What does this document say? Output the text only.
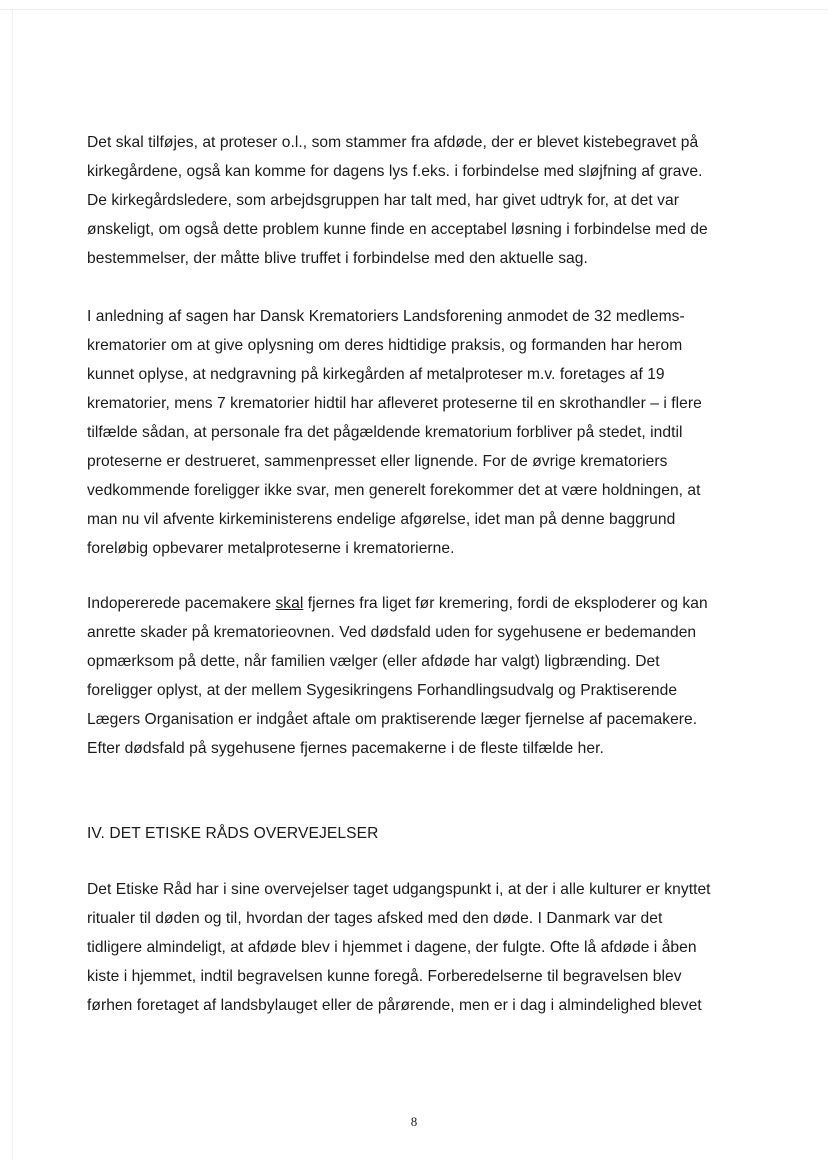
Det skal tilføjes, at proteser o.l., som stammer fra afdøde, der er blevet kistebegravet på
kirkegårdene, også kan komme for dagens lys f.eks. i forbindelse med sløjfning af grave.
De kirkegårdsledere, som arbejdsgruppen har talt med, har givet udtryk for, at det var
ønskeligt, om også dette problem kunne finde en acceptabel løsning i forbindelse med de
bestemmelser, der måtte blive truffet i forbindelse med den aktuelle sag.

I anledning af sagen har Dansk Krematoriers Landsforening anmodet de 32 medlems-
krematorier om at give oplysning om deres hidtidige praksis, og formanden har herom
kunnet oplyse, at nedgravning på kirkegården af metalproteser m.v. foretages af 19
krematorier, mens 7 krematorier hidtil har afleveret proteserne til en skrothandler – i flere
tilfælde sådan, at personale fra det pågældende krematorium forbliver på stedet, indtil
proteserne er destrueret, sammenpresset eller lignende. For de øvrige krematoriers
vedkommende foreligger ikke svar, men generelt forekommer det at være holdningen, at
man nu vil afvente kirkeministerens endelige afgørelse, idet man på denne baggrund
foreløbig opbevarer metalproteserne i krematorierne.

Indopererede pacemakere skal fjernes fra liget før kremering, fordi de eksploderer og kan
anrette skader på krematorieovnen. Ved dødsfald uden for sygehusene er bedemanden
opmærksom på dette, når familien vælger (eller afdøde har valgt) ligbrænding. Det
foreligger oplyst, at der mellem Sygesikringens Forhandlingsudvalg og Praktiserende
Lægers Organisation er indgået aftale om praktiserende læger fjernelse af pacemakere.
Efter dødsfald på sygehusene fjernes pacemakerne i de fleste tilfælde her.

IV. DET ETISKE RÅDS OVERVEJELSER

Det Etiske Råd har i sine overvejelser taget udgangspunkt i, at der i alle kulturer er knyttet
ritualer til døden og til, hvordan der tages afsked med den døde. I Danmark var det
tidligere almindeligt, at afdøde blev i hjemmet i dagene, der fulgte. Ofte lå afdøde i åben
kiste i hjemmet, indtil begravelsen kunne foregå. Forberedelserne til begravelsen blev
førhen foretaget af landsbylauget eller de pårørende, men er i dag i almindelighed blevet

8
